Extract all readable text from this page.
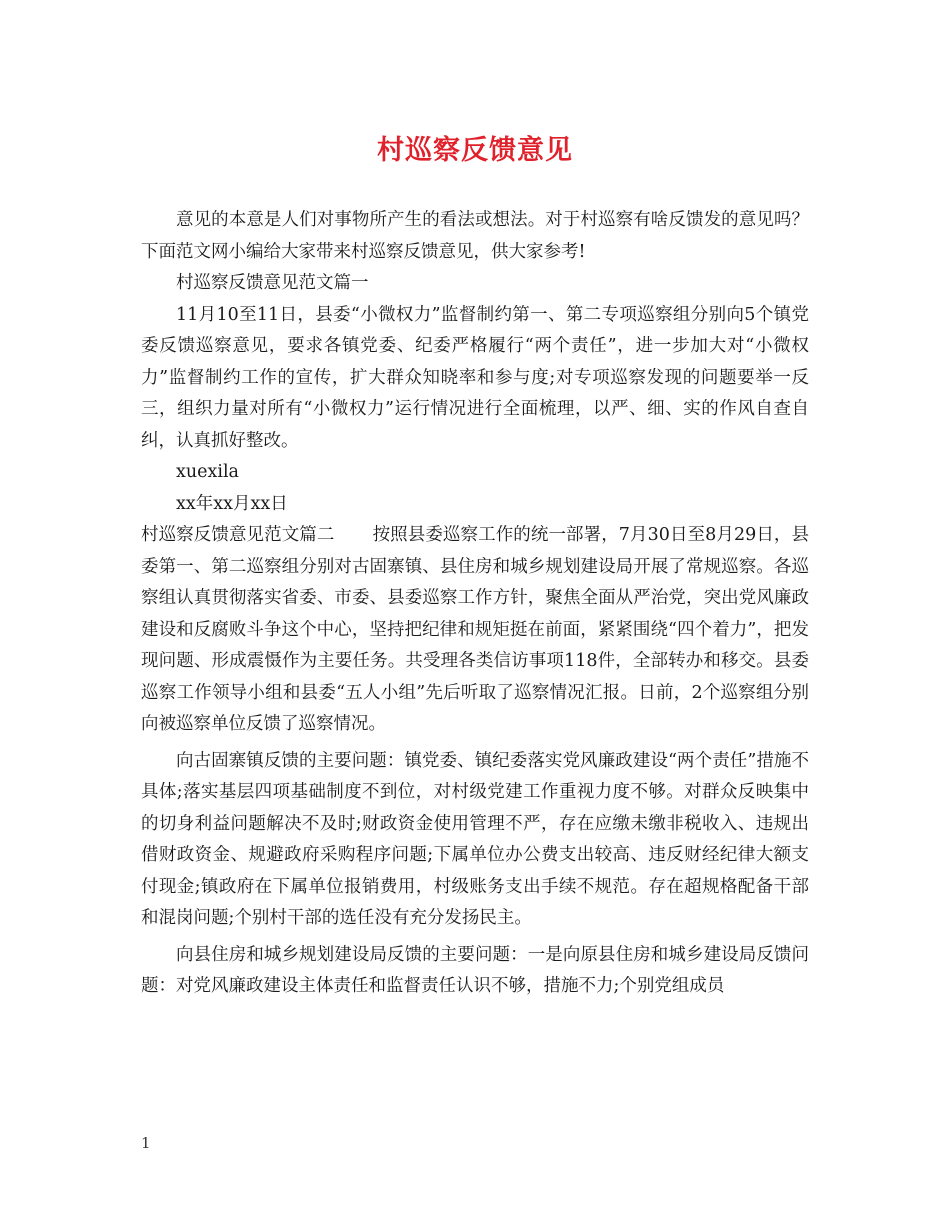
村巡察反馈意见

意见的本意是人们对事物所产生的看法或想法。对于村巡察有啥反馈发的意见吗？下面范文网小编给大家带来村巡察反馈意见，供大家参考!

村巡察反馈意见范文篇一

11月10至11日，县委“小微权力”监督制约第一、第二专项巡察组分别向5个镇党委反馈巡察意见，要求各镇党委、纪委严格履行“两个责任”，进一步加大对“小微权力”监督制约工作的宣传，扩大群众知晓率和参与度;对专项巡察发现的问题要举一反三，组织力量对所有“小微权力”运行情况进行全面梳理，以严、细、实的作风自查自纠，认真抓好整改。

xuexila

xx年xx月xx日

村巡察反馈意见范文篇二 按照县委巡察工作的统一部署，7月30日至8月29日，县委第一、第二巡察组分别对古固寨镇、县住房和城乡规划建设局开展了常规巡察。各巡察组认真贯彻落实省委、市委、县委巡察工作方针，聚焦全面从严治党，突出党风廉政建设和反腐败斗争这个中心，坚持把纪律和规矩挺在前面，紧紧围绕“四个着力”，把发现问题、形成震慑作为主要任务。共受理各类信访事项118件，全部转办和移交。县委巡察工作领导小组和县委“五人小组”先后听取了巡察情况汇报。日前，2个巡察组分别向被巡察单位反馈了巡察情况。

向古固寨镇反馈的主要问题：镇党委、镇纪委落实党风廉政建设“两个责任”措施不具体;落实基层四项基础制度不到位，对村级党建工作重视力度不够。对群众反映集中的切身利益问题解决不及时;财政资金使用管理不严，存在应缴未缴非税收入、违规出借财政资金、规避政府采购程序问题;下属单位办公费支出较高、违反财经纪律大额支付现金;镇政府在下属单位报销费用，村级账务支出手续不规范。存在超规格配备干部和混岗问题;个别村干部的选任没有充分发扬民主。

向县住房和城乡规划建设局反馈的主要问题：一是向原县住房和城乡建设局反馈问题：对党风廉政建设主体责任和监督责任认识不够，措施不力;个别党组成员

1
